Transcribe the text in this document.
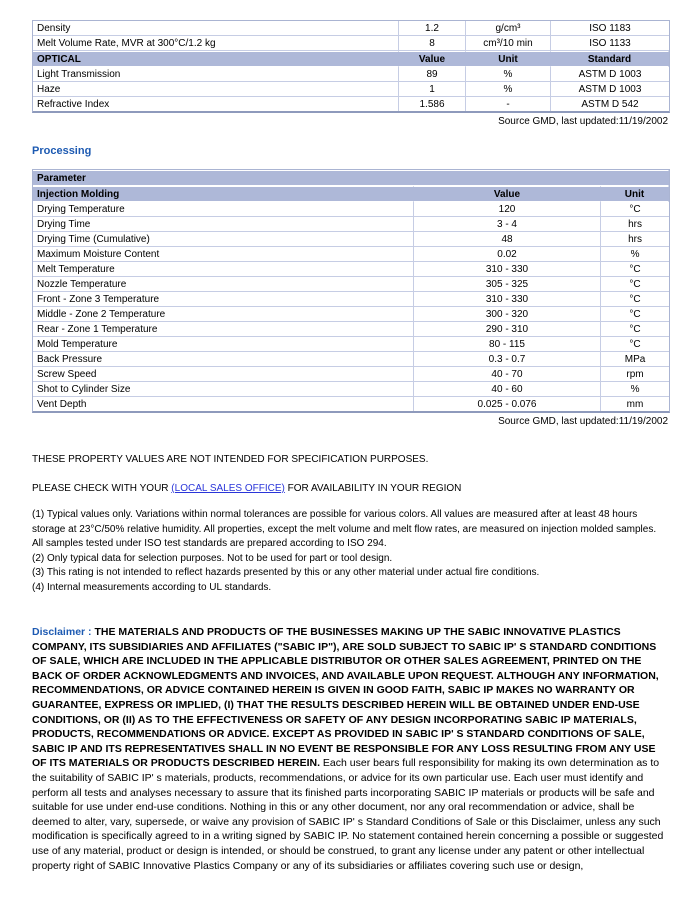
Density	1.2	g/cm³	ISO 1183
Melt Volume Rate, MVR at 300°C/1.2 kg	8	cm³/10 min	ISO 1133
OPTICAL	Value	Unit	Standard
Light Transmission	89	%	ASTM D 1003
Haze	1	%	ASTM D 1003
Refractive Index	1.586	-	ASTM D 542
Source GMD, last updated:11/19/2002
Processing
Parameter		
Injection Molding	Value	Unit
Drying Temperature	120	°C
Drying Time	3 - 4	hrs
Drying Time (Cumulative)	48	hrs
Maximum Moisture Content	0.02	%
Melt Temperature	310 - 330	°C
Nozzle Temperature	305 - 325	°C
Front - Zone 3 Temperature	310 - 330	°C
Middle - Zone 2 Temperature	300 - 320	°C
Rear - Zone 1 Temperature	290 - 310	°C
Mold Temperature	80 - 115	°C
Back Pressure	0.3 - 0.7	MPa
Screw Speed	40 - 70	rpm
Shot to Cylinder Size	40 - 60	%
Vent Depth	0.025 - 0.076	mm
Source GMD, last updated:11/19/2002

THESE PROPERTY VALUES ARE NOT INTENDED FOR SPECIFICATION PURPOSES.

PLEASE CHECK WITH YOUR (LOCAL SALES OFFICE) FOR AVAILABILITY IN YOUR REGION

(1) Typical values only. Variations within normal tolerances are possible for various colors. All values are measured after at least 48 hours storage at 23°C/50% relative humidity. All properties, except the melt volume and melt flow rates, are measured on injection molded samples. All samples tested under ISO test standards are prepared according to ISO 294.
(2) Only typical data for selection purposes. Not to be used for part or tool design.
(3) This rating is not intended to reflect hazards presented by this or any other material under actual fire conditions.
(4) Internal measurements according to UL standards.

Disclaimer : THE MATERIALS AND PRODUCTS OF THE BUSINESSES MAKING UP THE SABIC INNOVATIVE PLASTICS COMPANY, ITS SUBSIDIARIES AND AFFILIATES ("SABIC IP"), ARE SOLD SUBJECT TO SABIC IP' S STANDARD CONDITIONS OF SALE, WHICH ARE INCLUDED IN THE APPLICABLE DISTRIBUTOR OR OTHER SALES AGREEMENT, PRINTED ON THE BACK OF ORDER ACKNOWLEDGMENTS AND INVOICES, AND AVAILABLE UPON REQUEST. ALTHOUGH ANY INFORMATION, RECOMMENDATIONS, OR ADVICE CONTAINED HEREIN IS GIVEN IN GOOD FAITH, SABIC IP MAKES NO WARRANTY OR GUARANTEE, EXPRESS OR IMPLIED, (I) THAT THE RESULTS DESCRIBED HEREIN WILL BE OBTAINED UNDER END-USE CONDITIONS, OR (II) AS TO THE EFFECTIVENESS OR SAFETY OF ANY DESIGN INCORPORATING SABIC IP MATERIALS, PRODUCTS, RECOMMENDATIONS OR ADVICE. EXCEPT AS PROVIDED IN SABIC IP' S STANDARD CONDITIONS OF SALE, SABIC IP AND ITS REPRESENTATIVES SHALL IN NO EVENT BE RESPONSIBLE FOR ANY LOSS RESULTING FROM ANY USE OF ITS MATERIALS OR PRODUCTS DESCRIBED HEREIN. Each user bears full responsibility for making its own determination as to the suitability of SABIC IP' s materials, products, recommendations, or advice for its own particular use. Each user must identify and perform all tests and analyses necessary to assure that its finished parts incorporating SABIC IP materials or products will be safe and suitable for use under end-use conditions. Nothing in this or any other document, nor any oral recommendation or advice, shall be deemed to alter, vary, supersede, or waive any provision of SABIC IP' s Standard Conditions of Sale or this Disclaimer, unless any such modification is specifically agreed to in a writing signed by SABIC IP. No statement contained herein concerning a possible or suggested use of any material, product or design is intended, or should be construed, to grant any license under any patent or other intellectual property right of SABIC Innovative Plastics Company or any of its subsidiaries or affiliates covering such use or design,
